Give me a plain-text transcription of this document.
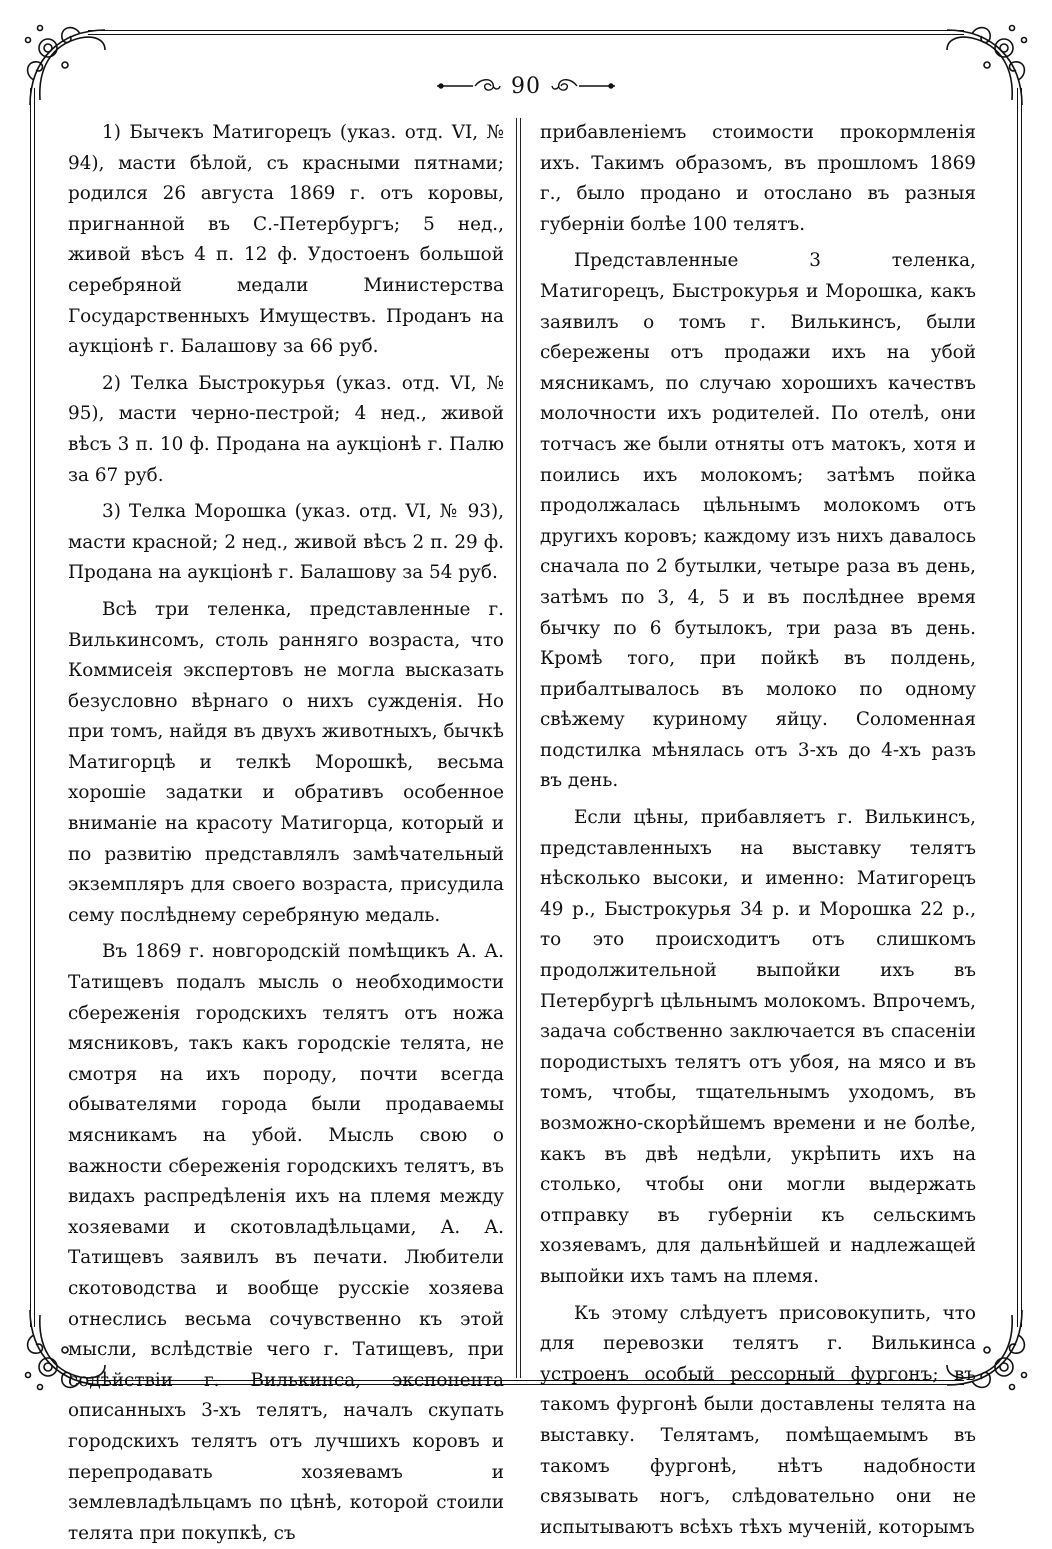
90

1) Бычекъ Матигорецъ (указ. отд. VI, № 94), масти бѣлой, съ красными пятнами; родился 26 августа 1869 г. отъ коровы, пригнанной въ С.-Петербургъ; 5 нед., живой вѣсъ 4 п. 12 ф. Удостоенъ большой серебряной медали Министерства Государственныхъ Имуществъ. Проданъ на аукціонѣ г. Балашову за 66 руб.

2) Телка Быстрокурья (указ. отд. VI, № 95), масти черно-пестрой; 4 нед., живой вѣсъ 3 п. 10 ф. Продана на аукціонѣ г. Палю за 67 руб.

3) Телка Морошка (указ. отд. VI, № 93), масти красной; 2 нед., живой вѣсъ 2 п. 29 ф. Продана на аукціонѣ г. Балашову за 54 руб.

Всѣ три теленка, представленные г. Вилькинсомъ, столь ранняго возраста, что Коммисеія экспертовъ не могла высказать безусловно вѣрнаго о нихъ сужденія. Но при томъ, найдя въ двухъ животныхъ, бычкѣ Матигорцѣ и телкѣ Морошкѣ, весьма хорошіе задатки и обративъ особенное вниманіе на красоту Матигорца, который и по развитію представлялъ замѣчательный экземпляръ для своего возраста, присудила сему послѣднему серебряную медаль.

Въ 1869 г. новгородскій помѣщикъ А. А. Татищевъ подалъ мысль о необходимости сбереженія городскихъ телятъ отъ ножа мясниковъ, такъ какъ городскіе телята, не смотря на ихъ породу, почти всегда обывателями города были продаваемы мясникамъ на убой. Мысль свою о важности сбереженія городскихъ телятъ, въ видахъ распредѣленія ихъ на племя между хозяевами и скотовладѣльцами, А. А. Татищевъ заявилъ въ печати. Любители скотоводства и вообще русскіе хозяева отнеслись весьма сочувственно къ этой мысли, вслѣдствіе чего г. Татищевъ, при содѣйствіи г. Вилькинса, экспонента описанныхъ 3-хъ телятъ, началъ скупать городскихъ телятъ отъ лучшихъ коровъ и перепродавать хозяевамъ и землевладѣльцамъ по цѣнѣ, которой стоили телята при покупкѣ, съ

прибавленіемъ стоимости прокормленія ихъ. Такимъ образомъ, въ прошломъ 1869 г., было продано и отослано въ разныя губерніи болѣе 100 телятъ.

Представленные 3 теленка, Матигорецъ, Быстрокурья и Морошка, какъ заявилъ о томъ г. Вилькинсъ, были сбережены отъ продажи ихъ на убой мясникамъ, по случаю хорошихъ качествъ молочности ихъ родителей. По отелѣ, они тотчасъ же были отняты отъ матокъ, хотя и поились ихъ молокомъ; затѣмъ пойка продолжалась цѣльнымъ молокомъ отъ другихъ коровъ; каждому изъ нихъ давалось сначала по 2 бутылки, четыре раза въ день, затѣмъ по 3, 4, 5 и въ послѣднее время бычку по 6 бутылокъ, три раза въ день. Кромѣ того, при пойкѣ въ полдень, прибалтывалось въ молоко по одному свѣжему куриному яйцу. Соломенная подстилка мѣнялась отъ 3-хъ до 4-хъ разъ въ день.

Если цѣны, прибавляетъ г. Вилькинсъ, представленныхъ на выставку телятъ нѣсколько высоки, и именно: Матигорецъ 49 р., Быстрокурья 34 р. и Морошка 22 р., то это происходитъ отъ слишкомъ продолжительной выпойки ихъ въ Петербургѣ цѣльнымъ молокомъ. Впрочемъ, задача собственно заключается въ спасеніи породистыхъ телятъ отъ убоя, на мясо и въ томъ, чтобы, тщательнымъ уходомъ, въ возможно-скорѣйшемъ времени и не болѣе, какъ въ двѣ недѣли, укрѣпить ихъ на столько, чтобы они могли выдержать отправку въ губерніи къ сельскимъ хозяевамъ, для дальнѣйшей и надлежащей выпойки ихъ тамъ на племя.

Къ этому слѣдуетъ присовокупить, что для перевозки телятъ г. Вилькинса устроенъ особый рессорный фургонъ; въ такомъ фургонѣ были доставлены телята на выставку. Телятамъ, помѣщаемымъ въ такомъ фургонѣ, нѣтъ надобности связывать ногъ, слѣдовательно они не испытываютъ всѣхъ тѣхъ мученій, которымъ
